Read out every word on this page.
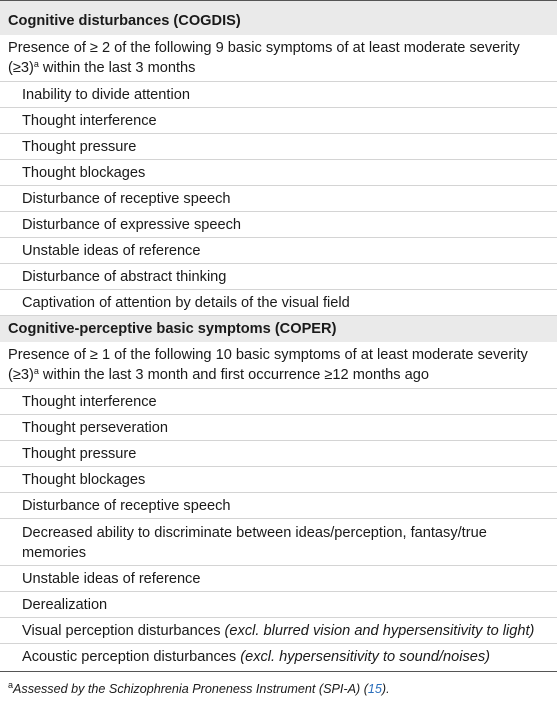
Cognitive disturbances (COGDIS)
Presence of ≥ 2 of the following 9 basic symptoms of at least moderate severity
(≥3)$^a$ within the last 3 months
Inability to divide attention
Thought interference
Thought pressure
Thought blockages
Disturbance of receptive speech
Disturbance of expressive speech
Unstable ideas of reference
Disturbance of abstract thinking
Captivation of attention by details of the visual field
Cognitive-perceptive basic symptoms (COPER)
Presence of ≥ 1 of the following 10 basic symptoms of at least moderate severity
(≥3)$^a$ within the last 3 month and first occurrence ≥12 months ago
Thought interference
Thought perseveration
Thought pressure
Thought blockages
Disturbance of receptive speech
Decreased ability to discriminate between ideas/perception, fantasy/true memories
Unstable ideas of reference
Derealization
Visual perception disturbances (excl. blurred vision and hypersensitivity to light)
Acoustic perception disturbances (excl. hypersensitivity to sound/noises)
$^a$Assessed by the Schizophrenia Proneness Instrument (SPI-A) (15).
